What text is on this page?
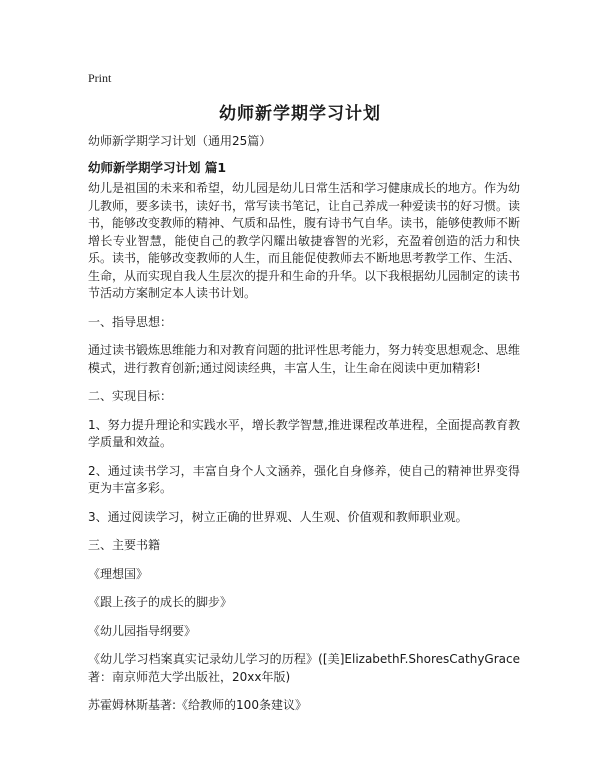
Print
幼师新学期学习计划
幼师新学期学习计划（通用25篇）
幼师新学期学习计划 篇1

幼儿是祖国的未来和希望，幼儿园是幼儿日常生活和学习健康成长的地方。作为幼儿教师，要多读书，读好书，常写读书笔记，让自己养成一种爱读书的好习惯。读书，能够改变教师的精神、气质和品性，腹有诗书气自华。读书，能够使教师不断增长专业智慧，能使自己的教学闪耀出敏捷睿智的光彩，充盈着创造的活力和快乐。读书，能够改变教师的人生，而且能促使教师去不断地思考教学工作、生活、生命，从而实现自我人生层次的提升和生命的升华。以下我根据幼儿园制定的读书节活动方案制定本人读书计划。

一、指导思想：

通过读书锻炼思维能力和对教育问题的批评性思考能力，努力转变思想观念、思维模式，进行教育创新;通过阅读经典，丰富人生，让生命在阅读中更加精彩!

二、实现目标：

1、努力提升理论和实践水平，增长教学智慧,推进课程改革进程，全面提高教育教学质量和效益。

2、通过读书学习，丰富自身个人文涵养，强化自身修养，使自己的精神世界变得更为丰富多彩。

3、通过阅读学习，树立正确的世界观、人生观、价值观和教师职业观。

三、主要书籍

《理想国》

《跟上孩子的成长的脚步》

《幼儿园指导纲要》

《幼儿学习档案真实记录幼儿学习的历程》([美]ElizabethF.ShoresCathyGrace　著：南京师范大学出版社，20xx年版)

苏霍姆林斯基著:《给教师的100条建议》
